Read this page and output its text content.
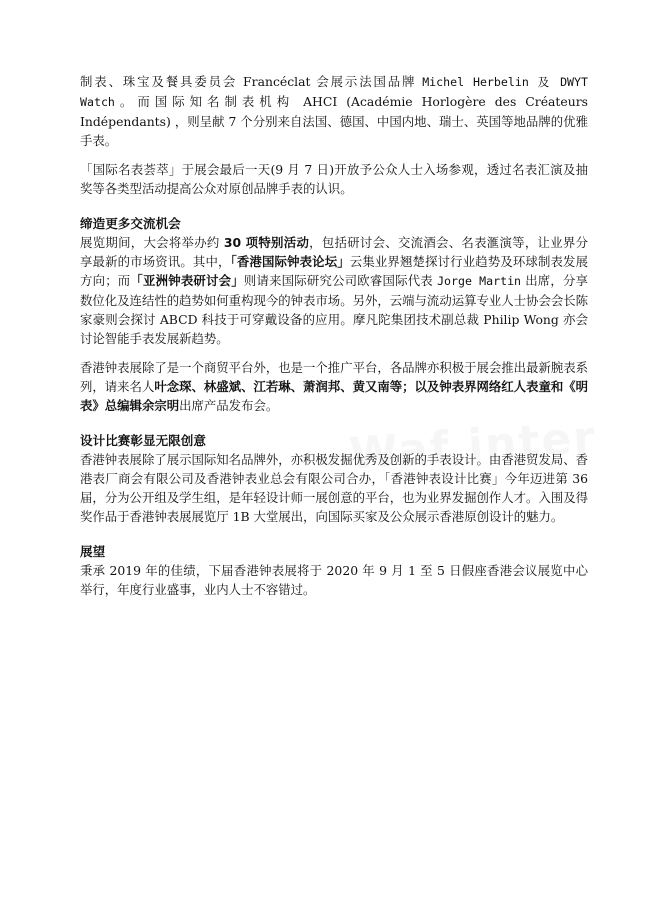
制表、珠宝及餐具委员会 Francéclat 会展示法国品牌 Michel Herbelin 及 DWYT Watch。而国际知名制表机构 AHCI (Académie Horlogère des Créateurs Indépendants) ，则呈献 7 个分别来自法国、德国、中国内地、瑞士、英国等地品牌的优雅手表。

「国际名表荟萃」于展会最后一天(9 月 7 日)开放予公众人士入场参观，透过名表汇演及抽奖等各类型活动提高公众对原创品牌手表的认识。

缔造更多交流机会

展览期间，大会将举办约 30 项特别活动，包括研讨会、交流酒会、名表滙演等，让业界分享最新的市场资讯。其中，「香港国际钟表论坛」云集业界翘楚探讨行业趋势及环球制表发展方向；而「亚洲钟表研讨会」则请来国际研究公司欧睿国际代表 Jorge Martin 出席，分享数位化及连结性的趋势如何重构现今的钟表市场。另外，云端与流动运算专业人士协会会长陈家豪则会探讨 ABCD 科技于可穿戴设备的应用。摩凡陀集团技术副总裁 Philip Wong 亦会讨论智能手表发展新趋势。

香港钟表展除了是一个商贸平台外，也是一个推广平台，各品牌亦积极于展会推出最新腕表系列，请来名人叶念琛、林盛斌、江若琳、萧润邦、黄又南等；以及钟表界网络红人表童和《明表》总编辑余宗明出席产品发布会。

设计比赛彰显无限创意

香港钟表展除了展示国际知名品牌外，亦积极发掘优秀及创新的手表设计。由香港贸发局、香港表厂商会有限公司及香港钟表业总会有限公司合办，「香港钟表设计比赛」今年迈进第 36 届，分为公开组及学生组，是年轻设计师一展创意的平台，也为业界发掘创作人才。入围及得奖作品于香港钟表展展览厅 1B 大堂展出，向国际买家及公众展示香港原创设计的魅力。

展望

秉承 2019 年的佳绩，下届香港钟表展将于 2020 年 9 月 1 至 5 日假座香港会议展览中心举行，年度行业盛事，业内人士不容错过。
